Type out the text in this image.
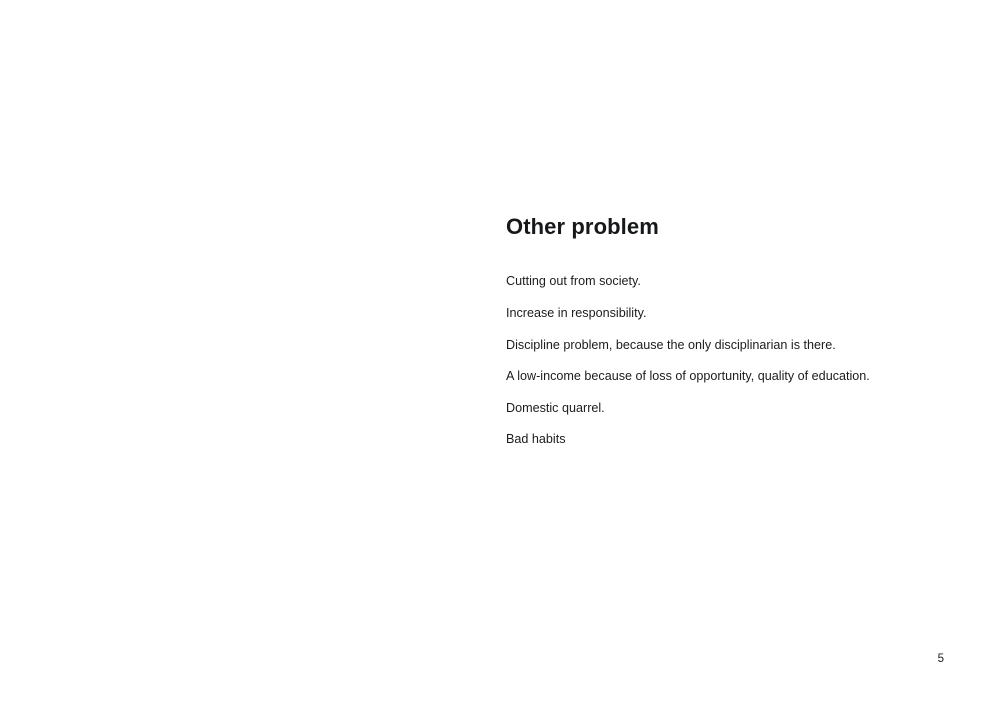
Other problem
Cutting out from society.
Increase in responsibility.
Discipline problem, because the only disciplinarian is there.
A low-income because of loss of opportunity, quality of education.
Domestic quarrel.
Bad habits
5
